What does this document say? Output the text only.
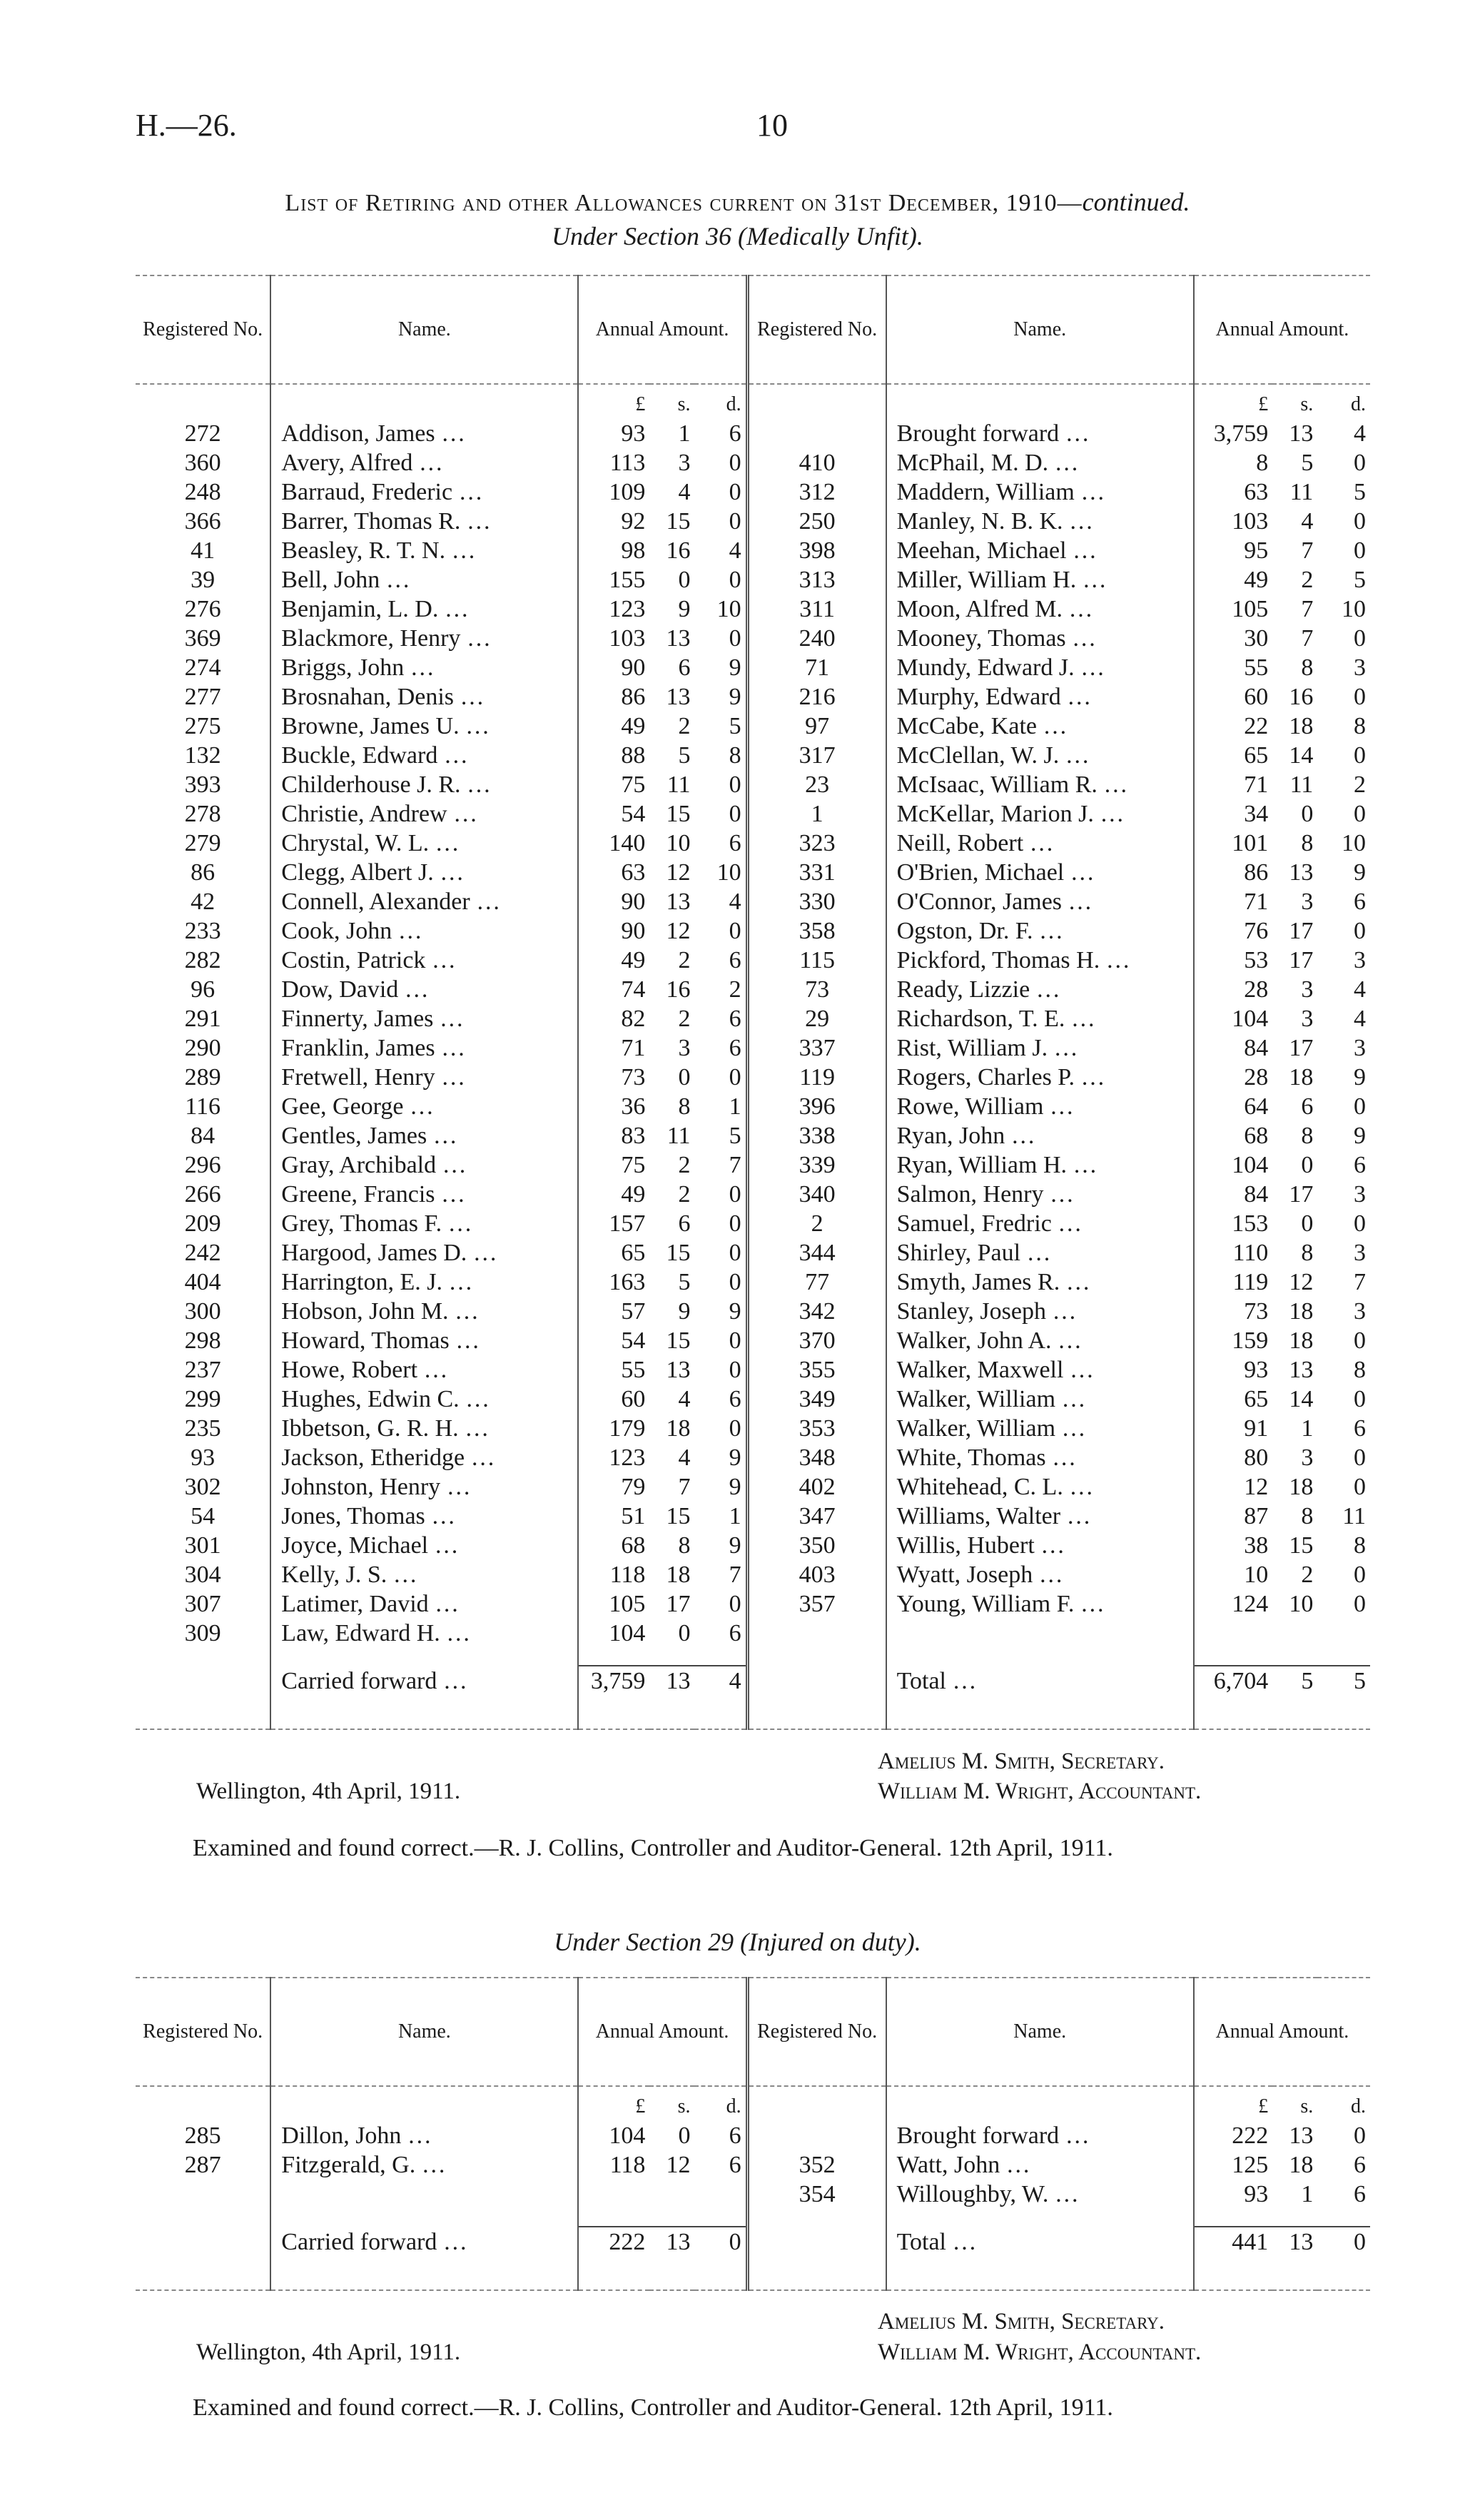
H.—26.	10
List of Retiring and other Allowances current on 31st December, 1910—continued.
Under Section 36 (Medically Unfit).
Registered No.	Name.	Annual Amount.			Registered No.	Name.	Annual Amount.		
		£	s.	d.			£	s.	d.
272	Addison, James …	93	1	6		Brought forward …	3,759	13	4
360	Avery, Alfred …	113	3	0	410	McPhail, M. D. …	8	5	0
248	Barraud, Frederic …	109	4	0	312	Maddern, William …	63	11	5
366	Barrer, Thomas R. …	92	15	0	250	Manley, N. B. K. …	103	4	0
41	Beasley, R. T. N. …	98	16	4	398	Meehan, Michael …	95	7	0
39	Bell, John …	155	0	0	313	Miller, William H. …	49	2	5
276	Benjamin, L. D. …	123	9	10	311	Moon, Alfred M. …	105	7	10
369	Blackmore, Henry …	103	13	0	240	Mooney, Thomas …	30	7	0
274	Briggs, John …	90	6	9	71	Mundy, Edward J. …	55	8	3
277	Brosnahan, Denis …	86	13	9	216	Murphy, Edward …	60	16	0
275	Browne, James U. …	49	2	5	97	McCabe, Kate …	22	18	8
132	Buckle, Edward …	88	5	8	317	McClellan, W. J. …	65	14	0
393	Childerhouse J. R. …	75	11	0	23	McIsaac, William R. …	71	11	2
278	Christie, Andrew …	54	15	0	1	McKellar, Marion J. …	34	0	0
279	Chrystal, W. L. …	140	10	6	323	Neill, Robert …	101	8	10
86	Clegg, Albert J. …	63	12	10	331	O'Brien, Michael …	86	13	9
42	Connell, Alexander …	90	13	4	330	O'Connor, James …	71	3	6
233	Cook, John …	90	12	0	358	Ogston, Dr. F. …	76	17	0
282	Costin, Patrick …	49	2	6	115	Pickford, Thomas H. …	53	17	3
96	Dow, David …	74	16	2	73	Ready, Lizzie …	28	3	4
291	Finnerty, James …	82	2	6	29	Richardson, T. E. …	104	3	4
290	Franklin, James …	71	3	6	337	Rist, William J. …	84	17	3
289	Fretwell, Henry …	73	0	0	119	Rogers, Charles P. …	28	18	9
116	Gee, George …	36	8	1	396	Rowe, William …	64	6	0
84	Gentles, James …	83	11	5	338	Ryan, John …	68	8	9
296	Gray, Archibald …	75	2	7	339	Ryan, William H. …	104	0	6
266	Greene, Francis …	49	2	0	340	Salmon, Henry …	84	17	3
209	Grey, Thomas F. …	157	6	0	2	Samuel, Fredric …	153	0	0
242	Hargood, James D. …	65	15	0	344	Shirley, Paul …	110	8	3
404	Harrington, E. J. …	163	5	0	77	Smyth, James R. …	119	12	7
300	Hobson, John M. …	57	9	9	342	Stanley, Joseph …	73	18	3
298	Howard, Thomas …	54	15	0	370	Walker, John A. …	159	18	0
237	Howe, Robert …	55	13	0	355	Walker, Maxwell …	93	13	8
299	Hughes, Edwin C. …	60	4	6	349	Walker, William …	65	14	0
235	Ibbetson, G. R. H. …	179	18	0	353	Walker, William …	91	1	6
93	Jackson, Etheridge …	123	4	9	348	White, Thomas …	80	3	0
302	Johnston, Henry …	79	7	9	402	Whitehead, C. L. …	12	18	0
54	Jones, Thomas …	51	15	1	347	Williams, Walter …	87	8	11
301	Joyce, Michael …	68	8	9	350	Willis, Hubert …	38	15	8
304	Kelly, J. S. …	118	18	7	403	Wyatt, Joseph …	10	2	0
307	Latimer, David …	105	17	0	357	Young, William F. …	124	10	0
309	Law, Edward H. …	104	0	6					

	Carried forward …	3,759	13	4		Total …	6,704	5	5

Amelius M. Smith, Secretary.
Wellington, 4th April, 1911.	William M. Wright, Accountant.
Examined and found correct.—R. J. Collins, Controller and Auditor-General. 12th April, 1911.
Under Section 29 (Injured on duty).
Registered No.	Name.	Annual Amount.			Registered No.	Name.	Annual Amount.		
		£	s.	d.			£	s.	d.
285	Dillon, John …	104	0	6		Brought forward …	222	13	0
287	Fitzgerald, G. …	118	12	6	352	Watt, John …	125	18	6
					354	Willoughby, W. …	93	1	6

	Carried forward …	222	13	0		Total …	441	13	0

Amelius M. Smith, Secretary.
Wellington, 4th April, 1911.	William M. Wright, Accountant.
Examined and found correct.—R. J. Collins, Controller and Auditor-General. 12th April, 1911.
